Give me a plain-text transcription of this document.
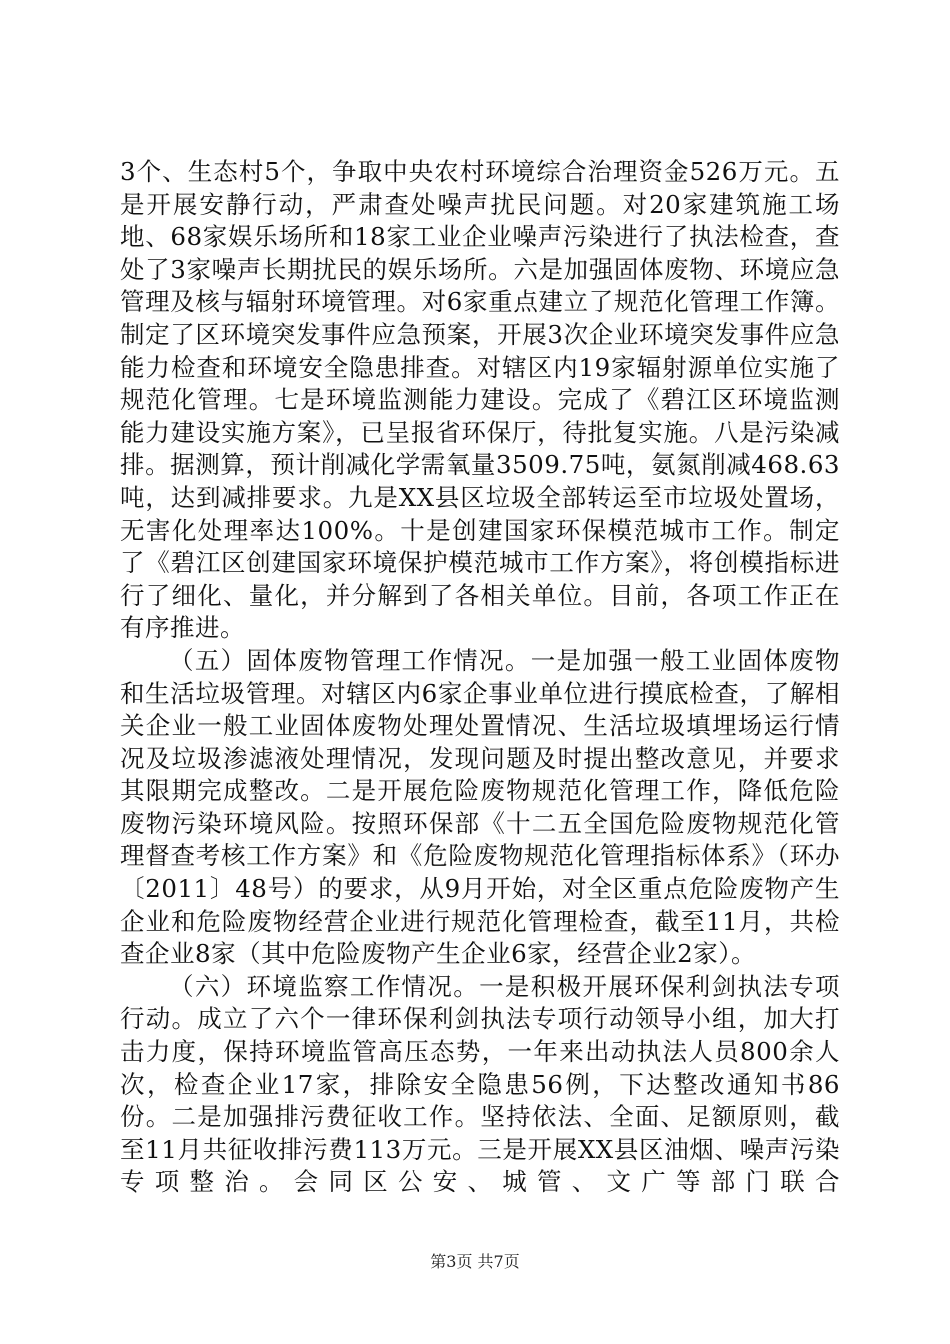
3个、生态村5个，争取中央农村环境综合治理资金526万元。五是开展安静行动，严肃查处噪声扰民问题。对20家建筑施工场地、68家娱乐场所和18家工业企业噪声污染进行了执法检查，查处了3家噪声长期扰民的娱乐场所。六是加强固体废物、环境应急管理及核与辐射环境管理。对6家重点建立了规范化管理工作簿。制定了区环境突发事件应急预案，开展3次企业环境突发事件应急能力检查和环境安全隐患排查。对辖区内19家辐射源单位实施了规范化管理。七是环境监测能力建设。完成了《碧江区环境监测能力建设实施方案》，已呈报省环保厅，待批复实施。八是污染减排。据测算，预计削减化学需氧量3509.75吨，氨氮削减468.63吨，达到减排要求。九是XX县区垃圾全部转运至市垃圾处置场，无害化处理率达100%。十是创建国家环保模范城市工作。制定了《碧江区创建国家环境保护模范城市工作方案》，将创模指标进行了细化、量化，并分解到了各相关单位。目前，各项工作正在有序推进。

（五）固体废物管理工作情况。一是加强一般工业固体废物和生活垃圾管理。对辖区内6家企事业单位进行摸底检查，了解相关企业一般工业固体废物处理处置情况、生活垃圾填埋场运行情况及垃圾渗滤液处理情况，发现问题及时提出整改意见，并要求其限期完成整改。二是开展危险废物规范化管理工作，降低危险废物污染环境风险。按照环保部《十二五全国危险废物规范化管理督查考核工作方案》和《危险废物规范化管理指标体系》（环办〔2011〕48号）的要求，从9月开始，对全区重点危险废物产生企业和危险废物经营企业进行规范化管理检查，截至11月，共检查企业8家（其中危险废物产生企业6家，经营企业2家）。

（六）环境监察工作情况。一是积极开展环保利剑执法专项行动。成立了六个一律环保利剑执法专项行动领导小组，加大打击力度，保持环境监管高压态势，一年来出动执法人员800余人次，检查企业17家，排除安全隐患56例，下达整改通知书86份。二是加强排污费征收工作。坚持依法、全面、足额原则，截至11月共征收排污费113万元。三是开展XX县区油烟、噪声污染专项整治。会同区公安、城管、文广等部门联合

第3页 共7页
